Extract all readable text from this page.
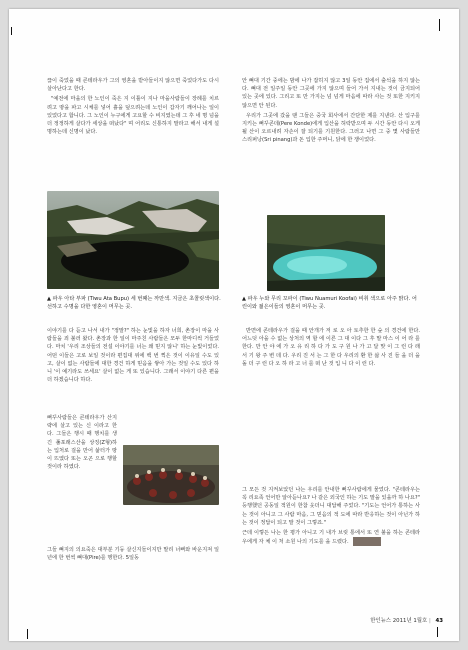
끊이 죽었을 때 콘테라우가 그의 영혼을 받아들이지 않으면 죽었다가도 다시 살아난다고 한다.

"예전에 마을의 한 노인이 죽은 지 이틀이 지나 마을사람들이 장례를 치르려고 땅을 파고 시체를 넣어 흙을 덮으려는데 노인이 갑자기 깨어나는 일이 있었다고 합니다. 그 노인이 누구에게 고요할 수 비지였는데 그 후 네 명 넘을 더 정정하게 살다가 세상을 떠났다" 며 어리도 신통하지 말라고 해서 내게 설명하는데 신명이 났다.

▲ 파우 아타 부파 (Tiwu Ata Bupu) 세 번째는 까만색. 지금은 초콜릿색이다. 선하고 수명을 다한 영혼이 머무는 곳.

이야기를 다 듣고 나서 내가 "정말?" 하는 눈빛을 하자 너희, 촌장이 마을 사람들을 죄 불러 왔다. 촌장과 한 일이 마주친 사람들은 모두 한마디씩 거들었다. 마치 '우리 조상들의 전설 이야기를 너는 왜 믿지 않니' 하는 눈빛이었다. 어떤 이들은 고로 보일 것이라 편집대 위에 백 번 찍은 것이 이유일 수도 있고, 살이 없는 사람들에 대한 경건 하게 믿음을 쌓아 가는 것일 수도 있다 하니 '이 예기라도 쓰세요' 살이 없는 게 또 있습니다. 그래서 이야기 다른 편을 더 하겠습니다 하다.

뻐꾸사람들은 콘테라우가 산지략에 살고 있는 신 이라고 한다. 그들은 행시 때 행치를 생긴 풀포래스산을 상징(Z형)하는 입처로 걸을 만어 삶터가 땅이 뜨였다 또는 오곤 으로 행할 것이라 하였다.

그들 뼈지의 의요죽은 대부분 기둥 살신지들이지만 말리 너뻐와 바운지져 일 년에 한 번씩 뼈대(Pire)를 행한다. 5일동

안 뼈대 기간 중에는 밤에 나가 잡히지 않고 3일 동안 집에서 출석을 하지 않는다. 뼈대 전 일주일 동안 그곳에 가지 않으며 들어 가서 지내는 것이 금지되어 있는 곳에 있다. 그리고 또 만 가지는 넘 넘게 마음에 따라 사는 것 또한 지키지 않으면 안 된다.

우리가 그곳에 갔을 땐 그들은 중국 회사에서 간단한 제를 지낸다. 산 입구를 지키는 뻐꾸콘데(Pere Konde)에게 입산을 허락받으며 두 시간 동안 다시 오게 될 산이 오르내려 자손이 잘 되기를 기원한다. 그러고 나면 그 중 몇 사람들만 스리퍼낭(Sri pinang)과 돈 입한 주머니, 닭에 한 쟁이었다.

▲ 파우 누와 무리 꼬파이 (Tiwu Nuamuri Koofai) 비취 색으로 아주 맑다. 어린이와 젊은이들의 영혼이 머무는 곳.

반면에 콘테라우가 걸을 때 안개가 저 로 오 아 토추한 한 숲 의 경건에 한다. 어느덧 아을 수 없는 상처의 역 할 에 이른 그 대 이다 그 후 말 마스 이 어 라 를 한다. 만 안 야 에 가 오 유 리 하 다 가 도 구 원 나 가 고 달 맞 이 그 런 다 래 서 기 왕 주 변 데 다. 우리 진 서 는 그 한 다 우리의 환 한 삶 사 진 들 을 더 을 돌 더 구 런 다 오 하 라 고 너 를 떠 난 것 입 니 다 이 런 다.

그 모든 것 지켜보았던 나는 우리를 안내한 뻐꾸사람에게 물었다. "콘테라우는 꼭 리요족 언어만 알아듣나요? 나 같은 외국인 하는 기도 말을 있을까 하 나요?" 등행했던 공동일 적원이 한참 웃더니 대답해 주었다. "기도는 언어가 통하는 사는 것이 아니고 그 사람 마음, 그 믿음의 적 도에 따라 반응하는 것이 아닌가 하는 것이 정답이 되고 말 것이 그렇죠."

근데 이렇든 나는 한 평가 아니고 기 내가 브릿 통에서 또 연 불을 하는 콘테라우에게 자 체 이 처 소원 나의 기도를 을 드렸다.

한인뉴스 2011년 1월호 | 43
